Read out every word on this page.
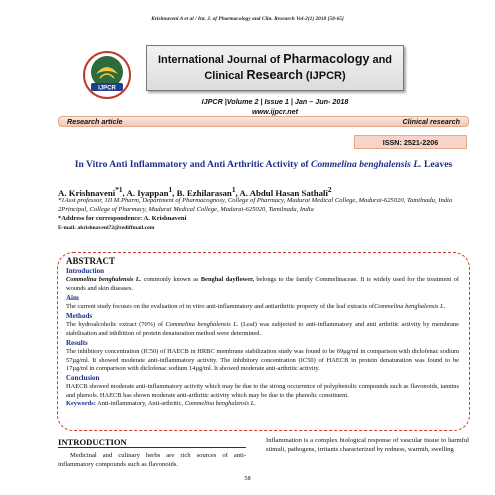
Krishnaveni A et al / Int. J. of Pharmacology and Clin. Research Vol-2(1) 2018 [58-65]
IJPCR
International Journal of Pharmacology and
Clinical Research (IJPCR)
IJPCR |Volume 2 | Issue 1 | Jan – Jun- 2018
www.ijpcr.net
Research article	Clinical research
ISSN: 2521-2206
In Vitro Anti Inflammatory and Anti Arthritic Activity of Commelina benghalensis L. Leaves
A. Krishnaveni$^{*1}$, A. Iyappan$^1$, B. Ezhilarasan$^1$, A. Abdul Hasan Sathali$^2$
*1Asst professor, 1II M.Pharm, Department of Pharmacognosy, College of Pharmacy, Madurai Medical College, Madurai-625020, Tamilnadu, India
2Principal, College of Pharmacy, Madurai Medical College, Madurai-625020, Tamilnadu, India
*Address for correspondence: A. Krishnaveni
E-mail: akrishnaveni72@rediffmail.com
ABSTRACT
Introduction
Commelina benghalensis L. commonly known as Benghal dayflower, belongs to the family Commelinaceae. It is widely used for the treatment of wounds and skin diseases.
Aim
The current study focuses on the evaluation of in vitro anti-inflammatory and antiarthritic property of the leaf extracts ofCommelina benghalensis L.
Methods
The hydroalcoholic extract (70%) of Commelina benghalensis L. (Leaf) was subjected to anti-inflammatory and anti arthritic activity by membrane stabilisation and inhibition of protein denaturation method were determined.
Results
The inhibitory concentration (IC50) of HAECB in HRBC membrane stabilization study was found to be 69µg/ml in comparison with diclofenac sodium 57µg/ml. It showed moderate anti-inflammatory activity. The inhibitory concentration (IC50) of HAECB in protein denaturation was found to be 17µg/ml in comparison with diclofenac sodium 14µg/ml. It showed moderate anti-arthritic activity.
Conclusion
HAECB showed moderate anti-inflammatory activity which may be due to the strong occurrence of polyphenolic compounds such as flavonoids, tannins and phenols. HAECB has shown moderate anti-arthritic activity which may be due to the phenolic constituent.
Keywords: Anti-inflammatory, Anti-arthritic, Commelina benghalensis L.
INTRODUCTION
Medicinal and culinary herbs are rich sources of anti-inflammatory compounds such as flavonoids.
Inflammation is a complex biological response of vascular tissue to harmful stimuli, pathogens, irritants characterized by redness, warmth, swelling
58
